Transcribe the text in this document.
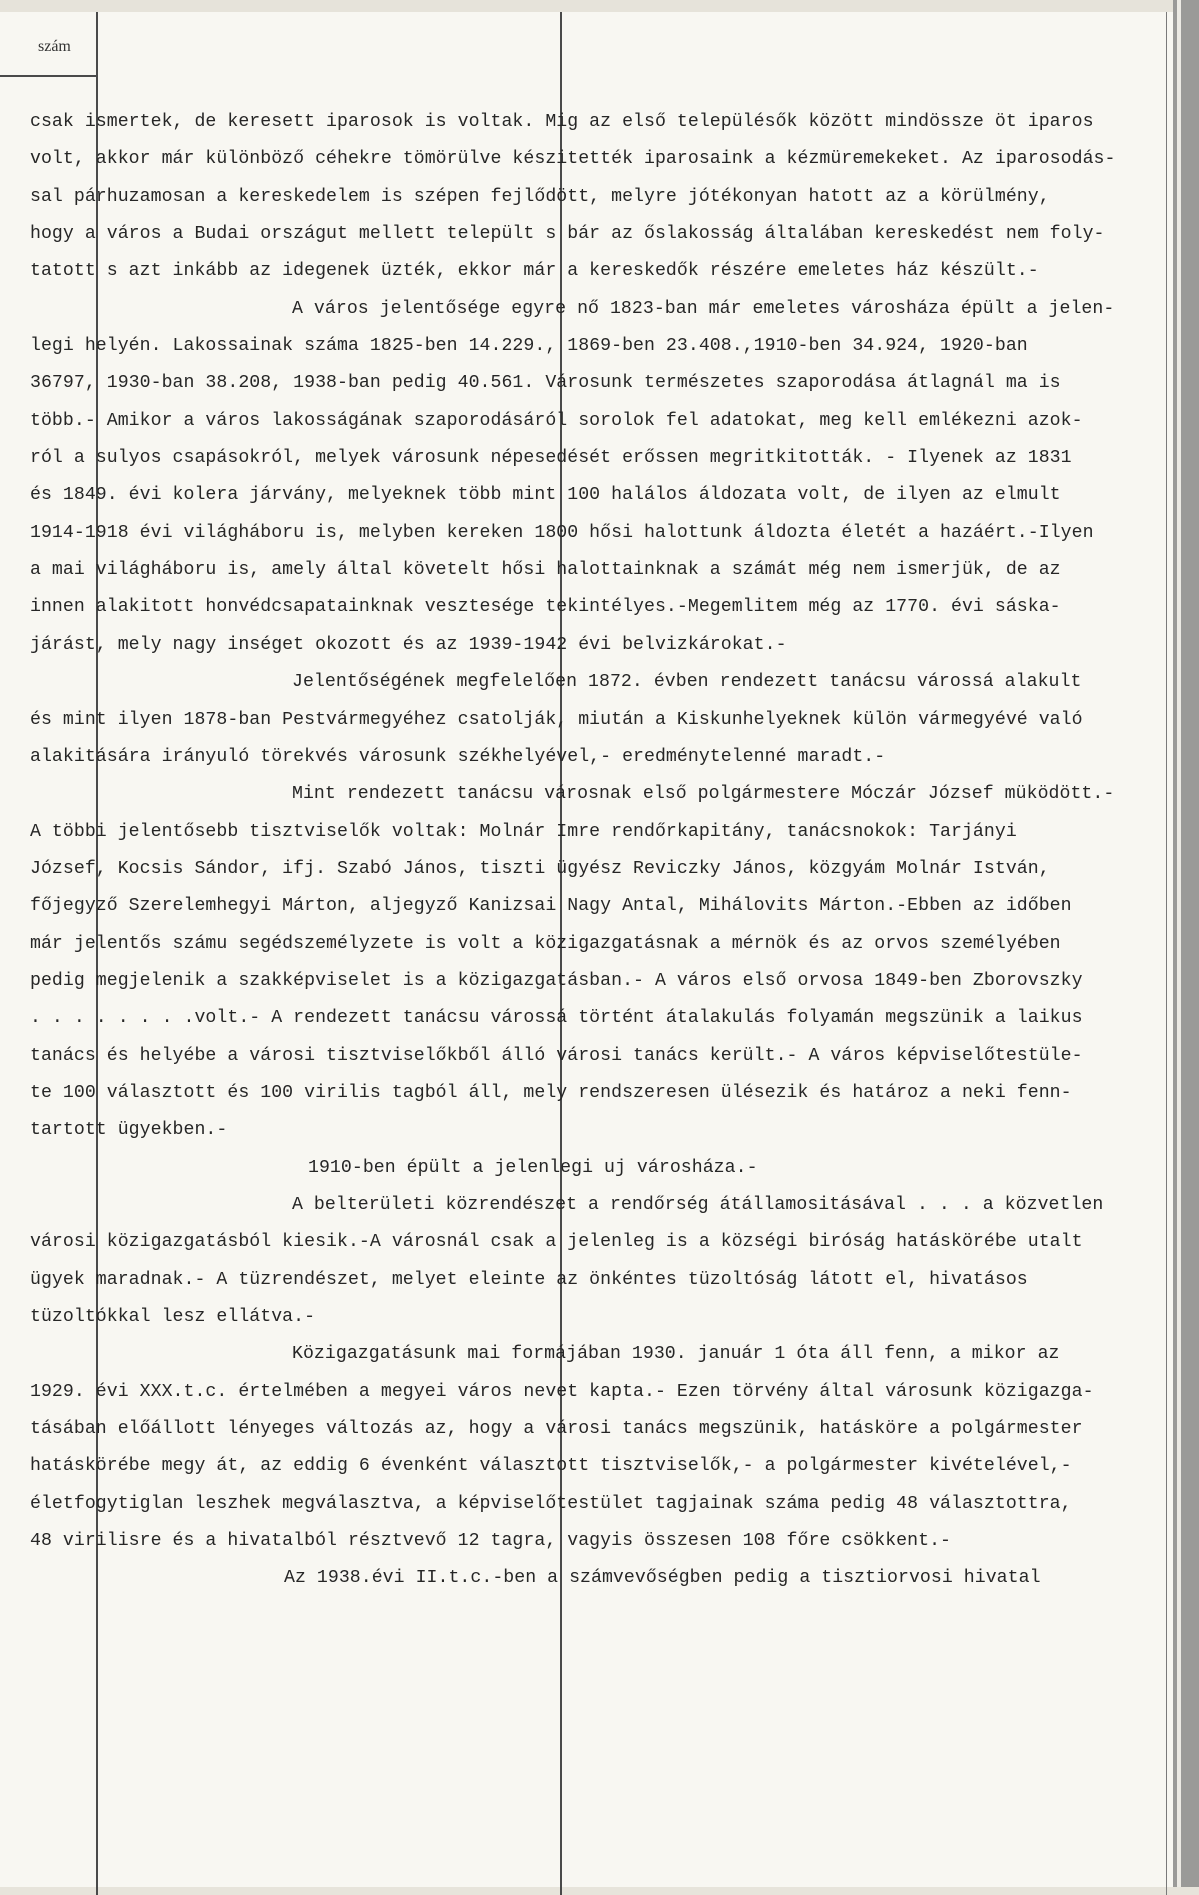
szám
csak ismertek, de keresett iparosok is voltak. Mig az első településők között mindössze öt iparos
volt, akkor már különböző céhekre tömörülve készitették iparosaink a kézmüremekeket. Az iparosodás-
sal párhuzamosan a kereskedelem is szépen fejlődött, melyre jótékonyan hatott az a körülmény,
hogy a város a Budai országut mellett települt s bár az őslakosság általában kereskedést nem foly-
tatott s azt inkább az idegenek üzték, ekkor már a kereskedők részére emeletes ház készült.-
A város jelentősége egyre nő 1823-ban már emeletes városháza épült a jelen-
legi helyén. Lakossainak száma 1825-ben 14.229., 1869-ben 23.408.,1910-ben 34.924, 1920-ban
36797, 1930-ban 38.208, 1938-ban pedig 40.561. Városunk természetes szaporodása átlagnál ma is
több.- Amikor a város lakosságának szaporodásáról sorolok fel adatokat, meg kell emlékezni azok-
ról a sulyos csapásokról, melyek városunk népesedését erőssen megritkitották. - Ilyenek az 1831
és 1849. évi kolera járvány, melyeknek több mint 100 halálos áldozata volt, de ilyen az elmult
1914-1918 évi világháboru is, melyben kereken 1800 hősi halottunk áldozta életét a hazáért.-Ilyen
a mai világháboru is, amely által követelt hősi halottainknak a számát még nem ismerjük, de az
innen alakitott honvédcsapatainknak vesztesége tekintélyes.-Megemlitem még az 1770. évi sáska-
járást, mely nagy inséget okozott és az 1939-1942 évi belvizkárokat.-
Jelentőségének megfelelően 1872. évben rendezett tanácsu várossá alakult
és mint ilyen 1878-ban Pestvármegyéhez csatolják, miután a Kiskunhelyeknek külön vármegyévé való
alakitására irányuló törekvés városunk székhelyével,- eredménytelenné maradt.-
Mint rendezett tanácsu városnak első polgármestere Móczár József müködött.-
A többi jelentősebb tisztviselők voltak: Molnár Imre rendőrkapitány, tanácsnokok: Tarjányi
József, Kocsis Sándor, ifj. Szabó János, tiszti ügyész Reviczky János, közgyám Molnár István,
főjegyző Szerelemhegyi Márton, aljegyző Kanizsai Nagy Antal, Mihálovits Márton.-Ebben az időben
már jelentős számu segédszemélyzete is volt a közigazgatásnak a mérnök és az orvos személyében
pedig megjelenik a szakképviselet is a közigazgatásban.- A város első orvosa 1849-ben Zborovszky
. . . . . . . .volt.- A rendezett tanácsu várossá történt átalakulás folyamán megszünik a laikus
tanács és helyébe a városi tisztviselőkből álló városi tanács került.- A város képviselőtestüle-
te 100 választott és 100 virilis tagból áll, mely rendszeresen ülésezik és határoz a neki fenn-
tartott ügyekben.-
1910-ben épült a jelenlegi uj városháza.-
A belterületi közrendészet a rendőrség átállamositásával . . . a közvetlen
városi közigazgatásból kiesik.-A városnál csak a jelenleg is a községi biróság hatáskörébe utalt
ügyek maradnak.- A tüzrendészet, melyet eleinte az önkéntes tüzoltóság látott el, hivatásos
tüzoltókkal lesz ellátva.-
Közigazgatásunk mai formájában 1930. január 1 óta áll fenn, a mikor az
1929. évi XXX.t.c. értelmében a megyei város nevet kapta.- Ezen törvény által városunk közigazga-
tásában előállott lényeges változás az, hogy a városi tanács megszünik, hatásköre a polgármester
hatáskörébe megy át, az eddig 6 évenként választott tisztviselők,- a polgármester kivételével,-
életfogytiglan leszhek megválasztva, a képviselőtestület tagjainak száma pedig 48 választottra,
48 virilisre és a hivatalból résztvevő 12 tagra, vagyis összesen 108 főre csökkent.-
Az 1938.évi II.t.c.-ben a számvevőségben pedig a tisztiorvosi hivatal
